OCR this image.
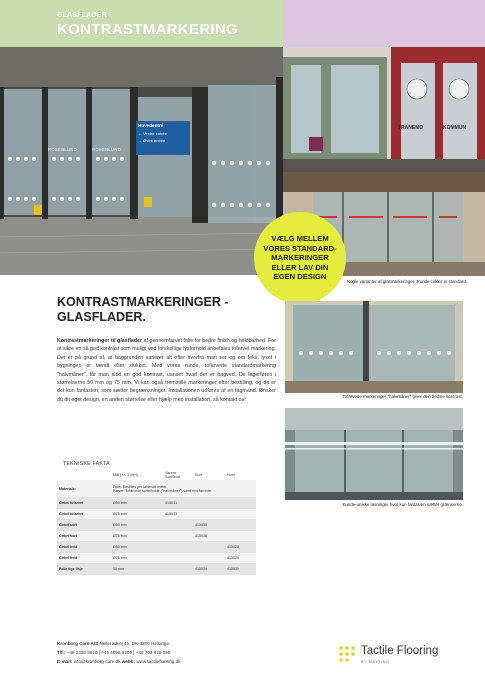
GLASFLADER
KONTRASTMARKERING
Hovedentré
← Vestre entrée
→ Østre entrée
ROSENLUND	ROSENLUND
TRANEMO	KOMMUN
VÆLG MELLEM VORES STANDARD-MARKERINGER ELLER LAV DIN EGEN DESIGN
Nogle varianter af glasmarkeringer. Runde cirkler er standard.
Tofarvede markeringer "halvmåner" giver den bedste kontrast.
Kunde-unikke løsninger hvor kun fantasien sætter grænserne.
KONTRASTMARKERINGER - GLASFLADER.
Kontrastmarkeringer til glasflader af gennemfarvet folie for bedre finish og holdbarhed. For at sikre en så god kontrast som muligt ved forskellige lysforhold anbefales tofarvet markering. Det er på grund af, at baggrunden varierer alt efter hvorfra man ser og om feks. lyset i bygningen er tændt eller slukket. Med vores runde, tofarvede standardmarkering "halvmåner", får man altid en god kontrast, uanset hvad der er bagved. De lagerføres i størrelserne 50 mm og 75 mm. Vi kan også fremstille markeringer efter bestilling, og da er det kun fantasien, som sætter begrænsninger. Installationen udføres af en fagmand. Ønsker du dit eget design, en anden størrelse eller hjælp med installation, så kontakt os!
TEKNISKE FAKTA
	Mål (+/- 1 mm)	Varenr Sort/hvid	Sort	Hvid
Materiale:	Folie. Bestilles per løbende meter.
Farver: Tofarvede sorte/hvide ("halvmåner") samt ens farvede.			

Cirkel tofarvet	Ø50 mm	415031		
Cirkel tofarvet	Ø75 mm	415033		
Cirkel sort	Ø50 mm		415035	
Cirkel sort	Ø75 mm		415036	
Cirkel hvid	Ø50 mm			415028
Cirkel hvid	Ø75 mm			415029
Folie lige linje	50 mm		415034	415030
Kronborg Care A/S Nellerødvej 45, DK-3200 Helsinge.
Tlf.: +45 2338 8810 | +45 4098 9209 | +46 703 619 099
E-mail: info@kronborg-care.dk webb: www.tactileflooring.dk
Tactile Flooring
BY MATTING
